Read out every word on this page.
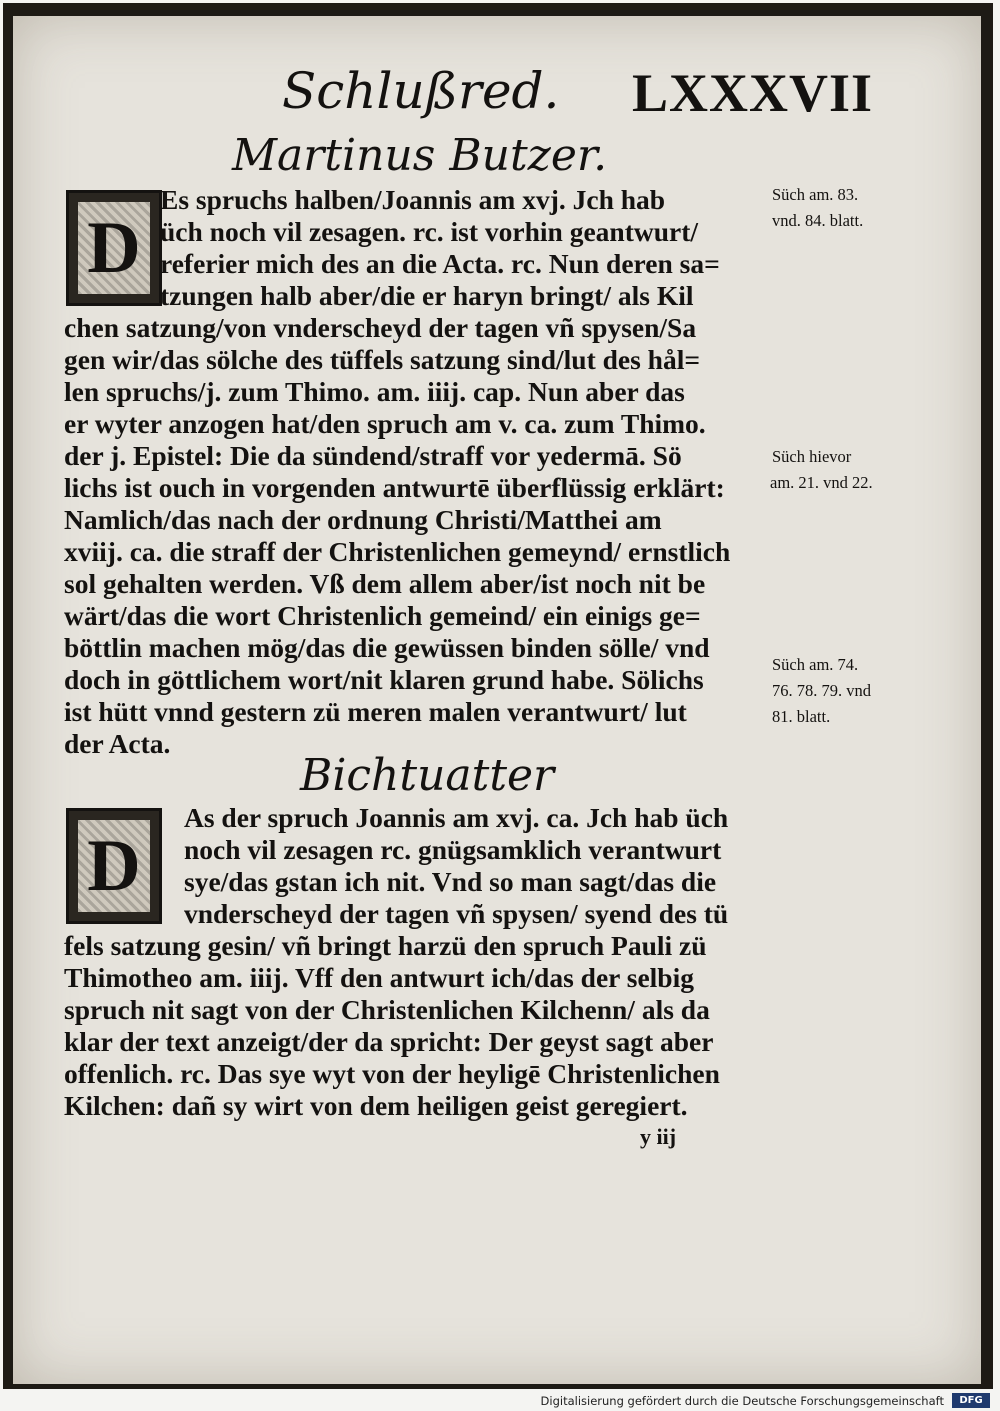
Schlußred. LXXXVII
Martinus Butzer.
D
Es spruchs halben/Joannis am xvj. Jch hab
üch noch vil zesagen. rc. ist vorhin geantwurt/
referier mich des an die Acta. rc. Nun deren sa=
tzungen halb aber/die er haryn bringt/ als Kil
chen satzung/von vnderscheyd der tagen vñ spysen/Sa
gen wir/das sölche des tüffels satzung sind/lut des hål=
len spruchs/j. zum Thimo. am. iiij. cap. Nun aber das
er wyter anzogen hat/den spruch am v. ca. zum Thimo.
der j. Epistel: Die da sündend/straff vor yedermā. Sö
lichs ist ouch in vorgenden antwurtē überflüssig erklärt:
Namlich/das nach der ordnung Christi/Matthei am
xviij. ca. die straff der Christenlichen gemeynd/ ernstlich
sol gehalten werden. Vß dem allem aber/ist noch nit be
wärt/das die wort Christenlich gemeind/ ein einigs ge=
böttlin machen mög/das die gewüssen binden sölle/ vnd
doch in göttlichem wort/nit klaren grund habe. Sölichs
ist hütt vnnd gestern zü meren malen verantwurt/ lut
der Acta.
Süch am. 83.
vnd. 84. blatt.
Süch hievor
am. 21. vnd 22.
Süch am. 74.
76. 78. 79. vnd
81. blatt.
Bichtuatter
D
As der spruch Joannis am xvj. ca. Jch hab üch
noch vil zesagen rc. gnügsamklich verantwurt
sye/das gstan ich nit. Vnd so man sagt/das die
vnderscheyd der tagen vñ spysen/ syend des tü
fels satzung gesin/ vñ bringt harzü den spruch Pauli zü
Thimotheo am. iiij. Vff den antwurt ich/das der selbig
spruch nit sagt von der Christenlichen Kilchenn/ als da
klar der text anzeigt/der da spricht: Der geyst sagt aber
offenlich. rc. Das sye wyt von der heyligē Christenlichen
Kilchen: dañ sy wirt von dem heiligen geist geregiert.
y iij
Digitalisierung gefördert durch die Deutsche Forschungsgemeinschaft	DFG
